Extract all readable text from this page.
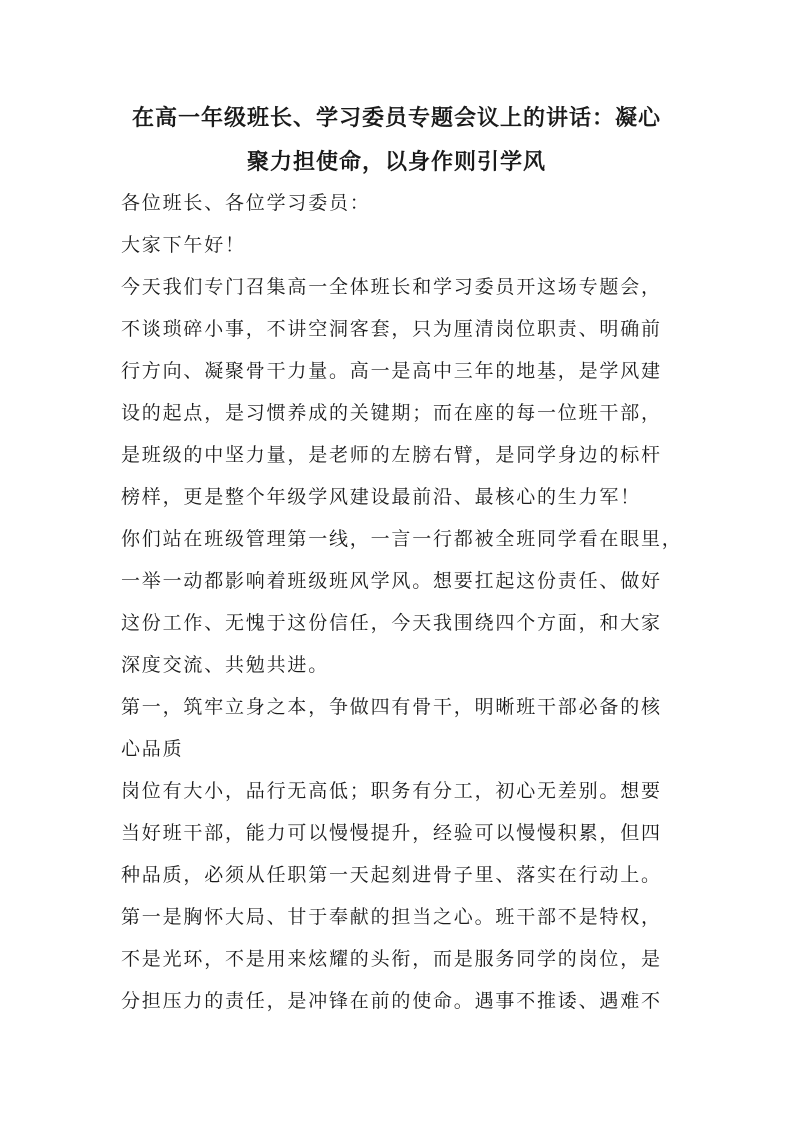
在高一年级班长、学习委员专题会议上的讲话：凝心
聚力担使命，以身作则引学风
各位班长、各位学习委员：
大家下午好！
今天我们专门召集高一全体班长和学习委员开这场专题会，
不谈琐碎小事，不讲空洞客套，只为厘清岗位职责、明确前
行方向、凝聚骨干力量。高一是高中三年的地基，是学风建
设的起点，是习惯养成的关键期；而在座的每一位班干部，
是班级的中坚力量，是老师的左膀右臂，是同学身边的标杆
榜样，更是整个年级学风建设最前沿、最核心的生力军！
你们站在班级管理第一线，一言一行都被全班同学看在眼里，
一举一动都影响着班级班风学风。想要扛起这份责任、做好
这份工作、无愧于这份信任，今天我围绕四个方面，和大家
深度交流、共勉共进。
第一，筑牢立身之本，争做四有骨干，明晰班干部必备的核
心品质
岗位有大小，品行无高低；职务有分工，初心无差别。想要
当好班干部，能力可以慢慢提升，经验可以慢慢积累，但四
种品质，必须从任职第一天起刻进骨子里、落实在行动上。
第一是胸怀大局、甘于奉献的担当之心。班干部不是特权，
不是光环，不是用来炫耀的头衔，而是服务同学的岗位，是
分担压力的责任，是冲锋在前的使命。遇事不推诿、遇难不
